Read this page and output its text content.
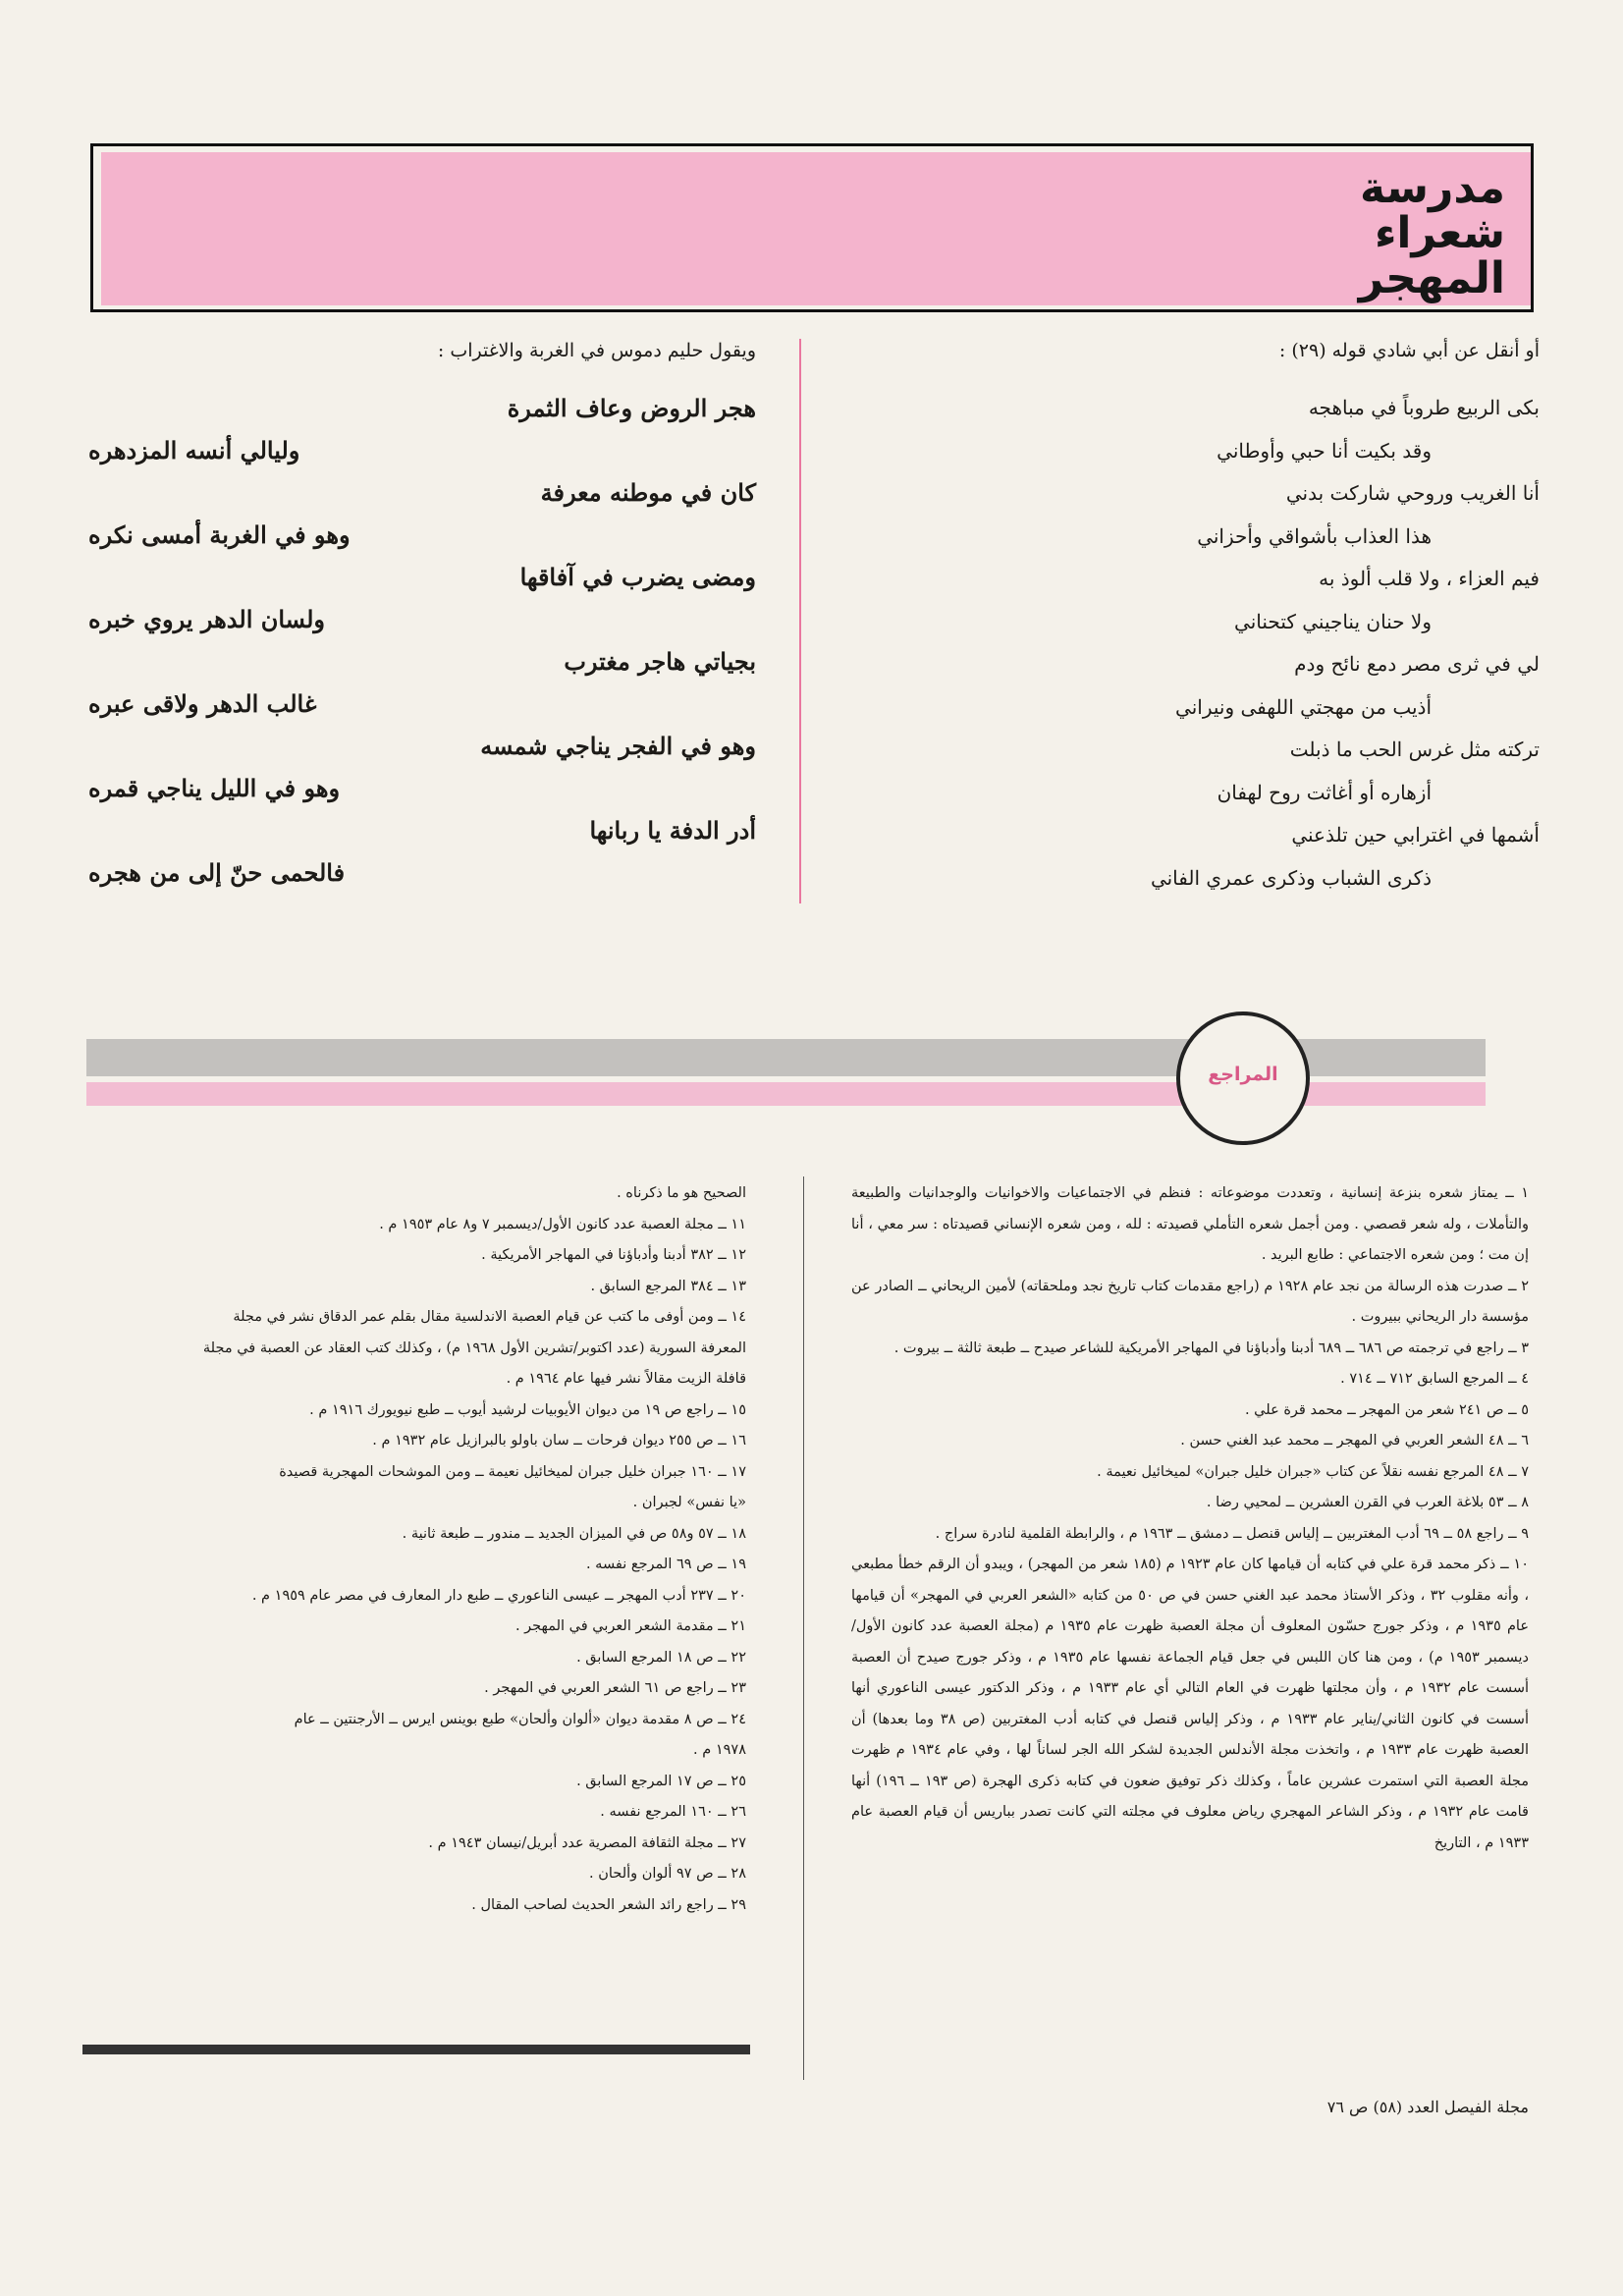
مدرسة
شعراء
المهجر
أو أنقل عن أبي شادي قوله (٢٩) :
بكى الربيع طروباً في مباهجه
وقد بكيت أنا حبي وأوطاني
أنا الغريب وروحي شاركت بدني
هذا العذاب بأشواقي وأحزاني
فيم العزاء ، ولا قلب ألوذ به
ولا حنان يناجيني كتحناني
لي في ثرى مصر دمع نائح ودم
أذيب من مهجتي اللهفى ونيراني
تركته مثل غرس الحب ما ذبلت
أزهاره أو أغاثت روح لهفان
أشمها في اغترابي حين تلذعني
ذكرى الشباب وذكرى عمري الفاني
ويقول حليم دموس في الغربة والاغتراب :
هجر الروض وعاف الثمرة
وليالي أنسه المزدهره
كان في موطنه معرفة
وهو في الغربة أمسى نكره
ومضى يضرب في آفاقها
ولسان الدهر يروي خبره
بجياتي هاجر مغترب
غالب الدهر ولاقى عبره
وهو في الفجر يناجي شمسه
وهو في الليل يناجي قمره
أدر الدفة يا ربانها
فالحمى حنّ إلى من هجره
المراجع

١ ــ يمتاز شعره بنزعة إنسانية ، وتعددت موضوعاته : فنظم في الاجتماعيات والاخوانيات والوجدانيات والطبيعة والتأملات ، وله شعر قصصي . ومن أجمل شعره التأملي قصيدته : لله ، ومن شعره الإنساني قصيدتاه : سر معي ، أنا إن مت ؛ ومن شعره الاجتماعي : طابع البريد .

٢ ــ صدرت هذه الرسالة من نجد عام ١٩٢٨ م (راجع مقدمات كتاب تاريخ نجد وملحقاته) لأمين الريحاني ــ الصادر عن مؤسسة دار الريحاني ببيروت .

٣ ــ راجع في ترجمته ص ٦٨٦ ــ ٦٨٩ أدبنا وأدباؤنا في المهاجر الأمريكية للشاعر صيدح ــ طبعة ثالثة ــ بيروت .

٤ ــ المرجع السابق ٧١٢ ــ ٧١٤ .

٥ ــ ص ٢٤١ شعر من المهجر ــ محمد قرة علي .

٦ ــ ٤٨ الشعر العربي في المهجر ــ محمد عبد الغني حسن .

٧ ــ ٤٨ المرجع نفسه نقلاً عن كتاب «جبران خليل جبران» لميخائيل نعيمة .

٨ ــ ٥٣ بلاغة العرب في القرن العشرين ــ لمحيي رضا .

٩ ــ راجع ٥٨ ــ ٦٩ أدب المغتربين ــ إلياس قنصل ــ دمشق ــ ١٩٦٣ م ، والرابطة القلمية لنادرة سراج .

١٠ ــ ذكر محمد قرة علي في كتابه أن قيامها كان عام ١٩٢٣ م (١٨٥ شعر من المهجر) ، ويبدو أن الرقم خطأ مطبعي ، وأنه مقلوب ٣٢ ، وذكر الأستاذ محمد عبد الغني حسن في ص ٥٠ من كتابه «الشعر العربي في المهجر» أن قيامها عام ١٩٣٥ م ، وذكر جورج حسّون المعلوف أن مجلة العصبة ظهرت عام ١٩٣٥ م (مجلة العصبة عدد كانون الأول/ديسمبر ١٩٥٣ م) ، ومن هنا كان اللبس في جعل قيام الجماعة نفسها عام ١٩٣٥ م ، وذكر جورج صيدح أن العصبة أسست عام ١٩٣٢ م ، وأن مجلتها ظهرت في العام التالي أي عام ١٩٣٣ م ، وذكر الدكتور عيسى الناعوري أنها أسست في كانون الثاني/يناير عام ١٩٣٣ م ، وذكر إلياس قنصل في كتابه أدب المغتربين (ص ٣٨ وما بعدها) أن العصبة ظهرت عام ١٩٣٣ م ، واتخذت مجلة الأندلس الجديدة لشكر الله الجر لساناً لها ، وفي عام ١٩٣٤ م ظهرت مجلة العصبة التي استمرت عشرين عاماً ، وكذلك ذكر توفيق ضعون في كتابه ذكرى الهجرة (ص ١٩٣ ــ ١٩٦) أنها قامت عام ١٩٣٢ م ، وذكر الشاعر المهجري رياض معلوف في مجلته التي كانت تصدر بباريس أن قيام العصبة عام ١٩٣٣ م ، التاريخ

الصحيح هو ما ذكرناه .

١١ ــ مجلة العصبة عدد كانون الأول/ديسمبر ٧ و٨ عام ١٩٥٣ م .

١٢ ــ ٣٨٢ أدبنا وأدباؤنا في المهاجر الأمريكية .

١٣ ــ ٣٨٤ المرجع السابق .

١٤ ــ ومن أوفى ما كتب عن قيام العصبة الاندلسية مقال بقلم عمر الدقاق نشر في مجلة

المعرفة السورية (عدد اكتوبر/تشرين الأول ١٩٦٨ م) ، وكذلك كتب العقاد عن العصبة في مجلة

قافلة الزيت مقالاً نشر فيها عام ١٩٦٤ م .

١٥ ــ راجع ص ١٩ من ديوان الأيوبيات لرشيد أيوب ــ طبع نيويورك ١٩١٦ م .

١٦ ــ ص ٢٥٥ ديوان فرحات ــ سان باولو بالبرازيل عام ١٩٣٢ م .

١٧ ــ ١٦٠ جبران خليل جبران لميخائيل نعيمة ــ ومن الموشحات المهجرية قصيدة

«يا نفس» لجبران .

١٨ ــ ٥٧ و٥٨ ص في الميزان الجديد ــ مندور ــ طبعة ثانية .

١٩ ــ ص ٦٩ المرجع نفسه .

٢٠ ــ ٢٣٧ أدب المهجر ــ عيسى الناعوري ــ طبع دار المعارف في مصر عام ١٩٥٩ م .

٢١ ــ مقدمة الشعر العربي في المهجر .

٢٢ ــ ص ١٨ المرجع السابق .

٢٣ ــ راجع ص ٦١ الشعر العربي في المهجر .

٢٤ ــ ص ٨ مقدمة ديوان «ألوان وألحان» طبع بوينس ايرس ــ الأرجنتين ــ عام

١٩٧٨ م .

٢٥ ــ ص ١٧ المرجع السابق .

٢٦ ــ ١٦٠ المرجع نفسه .

٢٧ ــ مجلة الثقافة المصرية عدد أبريل/نيسان ١٩٤٣ م .

٢٨ ــ ص ٩٧ ألوان وألحان .

٢٩ ــ راجع رائد الشعر الحديث لصاحب المقال .

مجلة الفيصل العدد (٥٨) ص ٧٦
